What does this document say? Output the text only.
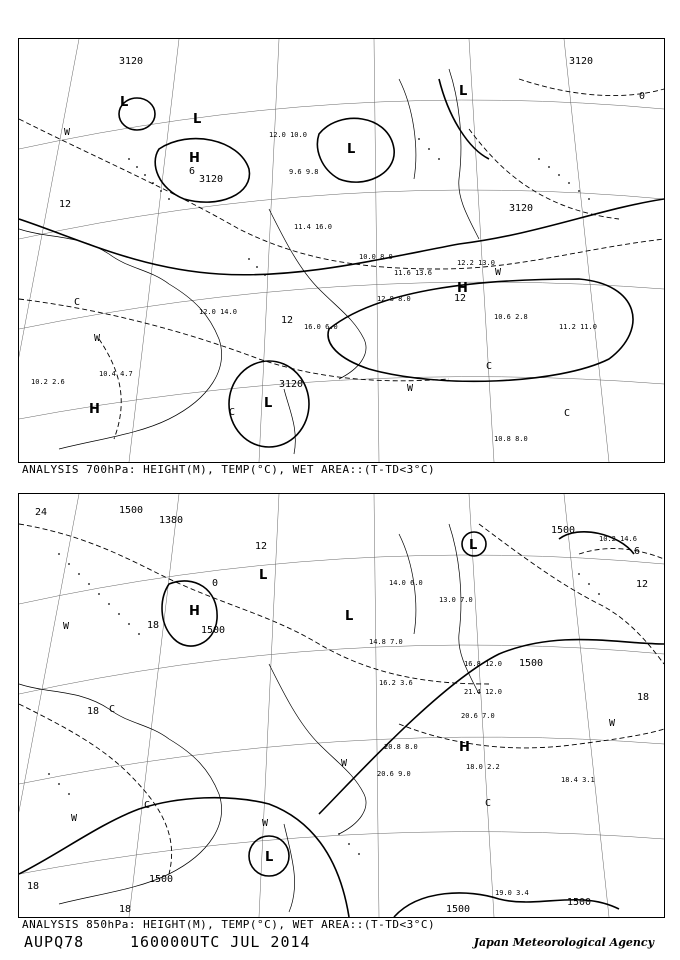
3120
3120
3120
3120
3120
12
12
12
0
6
L
L
L
L
L
H
H
H
W
W
W
W
C
C
C
C
10.0 8.0
11.4 16.0
12.0 10.0
9.6 9.8
10.8 8.0
11.2 11.0
10.6 2.8
12.8 8.0
12.2 13.0
11.6 13.6
16.0 6.0
12.0 14.0
10.2 2.6
10.4 4.7
ANALYSIS 700hPa: HEIGHT(M), TEMP(°C), WET AREA::(T-TD<3°C)
1500
1500
1500
1500
1500
1500
1500
1380
24
18
18
18
18
18
12
12
6
0
L
L
L
L
H
H
W
W
W
W
W
C
C
C
14.0 6.0
13.0 7.0
16.8 12.0
21.4 12.0
20.6 7.0
20.8 8.0
18.0 2.2
18.4 3.1
19.0 3.4
20.6 9.0
10.2 14.6
16.2 3.6
14.8 7.0
ANALYSIS 850hPa: HEIGHT(M), TEMP(°C), WET AREA::(T-TD<3°C)
AUPQ78	160000UTC JUL 2014	Japan Meteorological Agency
